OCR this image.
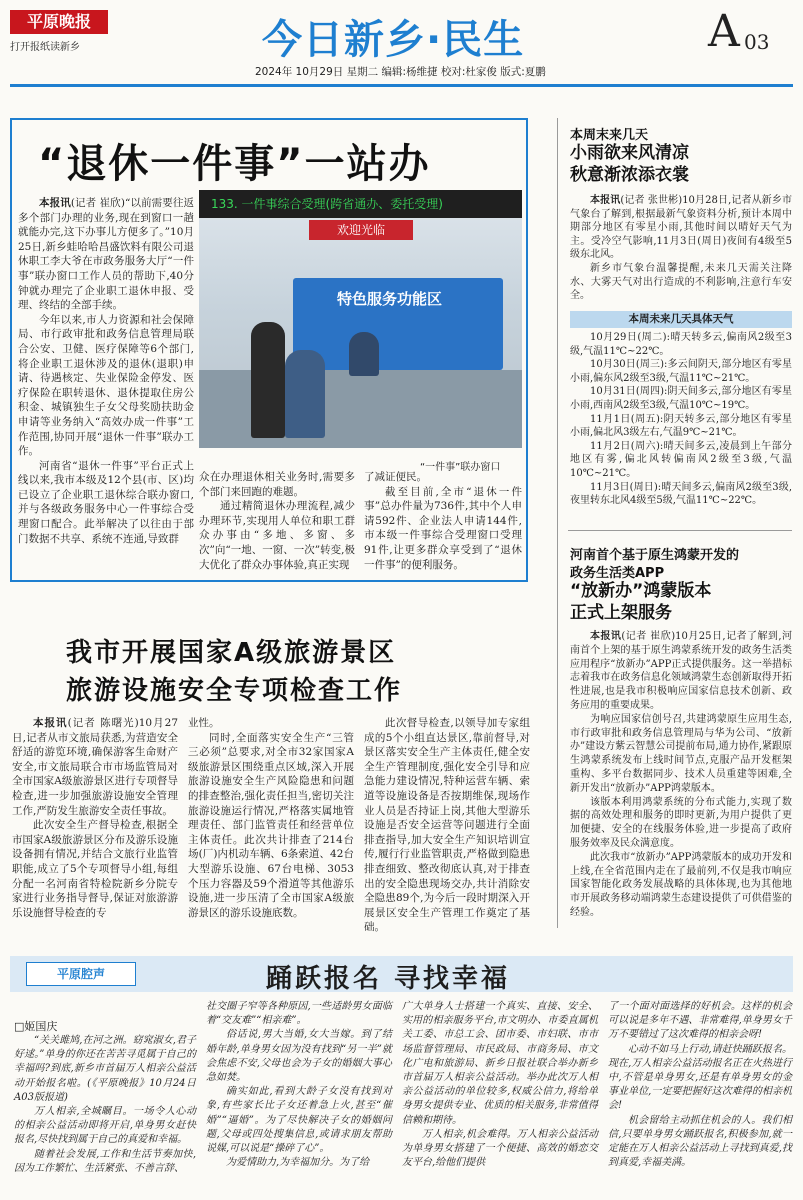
平原晚报
打开报纸读新乡	今日新乡·民生	A 03
2024年 10月29日 星期二 编辑:杨维捷 校对:杜家俊 版式:夏鹏
“退休一件事”一站办

本报讯(记者 崔欣)“以前需要往返多个部门办理的业务,现在到窗口一趟就能办完,这下办事儿方便多了。”10月25日,新乡蛙哈哈昌盛饮料有限公司退休职工李大爷在市政务服务大厅“一件事”联办窗口工作人员的帮助下,40分钟就办理完了企业职工退休申报、受理、终结的全部手续。

今年以来,市人力资源和社会保障局、市行政审批和政务信息管理局联合公安、卫健、医疗保障等6个部门,将企业职工退休涉及的退休(退职)申请、待遇核定、失业保险金停发、医疗保险在职转退休、退休提取住房公积金、城镇独生子女父母奖励扶助金申请等业务纳入“高效办成一件事”工作范围,协同开展“退休一件事”联办工作。

河南省“退休一件事”平台正式上线以来,我市本级及12个县(市、区)均已设立了企业职工退休综合联办窗口,并与各级政务服务中心一件事综合受理窗口配合。此举解决了以往由于部门数据不共享、系统不连通,导致群

133. 一件事综合受理(跨省通办、委托受理)
欢迎光临
特色服务功能区
“一件事”联办窗口

众在办理退休相关业务时,需要多个部门来回跑的难题。

通过精简退休办理流程,减少办理环节,实现用人单位和职工群众办事由“多地、多窗、多次”向“一地、一窗、一次”转变,极大优化了群众办事体验,真正实现

了减证便民。

截至目前,全市“退休一件事”总办件量为736件,其中个人申请592件、企业法人申请144件,市本级一件事综合受理窗口受理91件,让更多群众享受到了“退休一件事”的便利服务。

本周末来几天
小雨欲来风清凉
秋意渐浓添衣裳

本报讯(记者 张世彬)10月28日,记者从新乡市气象台了解到,根据最新气象资料分析,预计本周中期部分地区有零星小雨,其他时间以晴好天气为主。受冷空气影响,11月3日(周日)夜间有4级至5级东北风。

新乡市气象台温馨提醒,未来几天需关注降水、大雾天气对出行造成的不利影响,注意行车安全。

本周未来几天具体天气

10月29日(周二):晴天转多云,偏南风2级至3级,气温11℃~22℃。

10月30日(周三):多云间阴天,部分地区有零星小雨,偏东风2级至3级,气温11℃~21℃。

10月31日(周四):阴天间多云,部分地区有零星小雨,西南风2级至3级,气温10℃~19℃。

11月1日(周五):阴天转多云,部分地区有零星小雨,偏北风3级左右,气温9℃~21℃。

11月2日(周六):晴天间多云,凌晨到上午部分地区有雾,偏北风转偏南风2级至3级,气温10℃~21℃。

11月3日(周日):晴天间多云,偏南风2级至3级,夜里转东北风4级至5级,气温11℃~22℃。

河南首个基于原生鸿蒙开发的
政务生活类APP
“放新办”鸿蒙版本
正式上架服务

本报讯(记者 崔欣)10月25日,记者了解到,河南首个上架的基于原生鸿蒙系统开发的政务生活类应用程序“放新办”APP正式提供服务。这一举措标志着我市在政务信息化领域鸿蒙生态创新取得开拓性进展,也是我市积极响应国家信息技术创新、政务应用的重要成果。

为响应国家信创号召,共建鸿蒙原生应用生态,市行政审批和政务信息管理局与华为公司、“放新办”建设方紫云智慧公司提前布局,通力协作,紧跟原生鸿蒙系统发布上线时间节点,克服产品开发框架重构、多平台数据同步、技术人员重建等困难,全新开发出“放新办”APP鸿蒙版本。

该版本利用鸿蒙系统的分布式能力,实现了数据的高效处理和服务的即时更新,为用户提供了更加便捷、安全的在线服务体验,进一步提高了政府服务效率及民众满意度。

此次我市“放新办”APP鸿蒙版本的成功开发和上线,在全省范围内走在了最前列,不仅是我市响应国家智能化政务发展战略的具体体现,也为其他地市开展政务移动端鸿蒙生态建设提供了可供借鉴的经验。

我市开展国家A级旅游景区
旅游设施安全专项检查工作

本报讯(记者 陈曙光)10月27日,记者从市文旅局获悉,为营造安全舒适的游览环境,确保游客生命财产安全,市文旅局联合市市场监管局对全市国家A级旅游景区进行专项督导检查,进一步加强旅游设施安全管理工作,严防发生旅游安全责任事故。

此次安全生产督导检查,根据全市国家A级旅游景区分布及游乐设施设备拥有情况,并结合文旅行业监管职能,成立了5个专项督导小组,每组分配一名河南省特检院新乡分院专家进行业务指导督导,保证对旅游游乐设施督导检查的专

业性。

同时,全面落实安全生产“三管三必须”总要求,对全市32家国家A级旅游景区围绕重点区域,深入开展旅游设施安全生产风险隐患和问题的排查整治,强化责任担当,密切关注旅游设施运行情况,严格落实属地管理责任、部门监管责任和经营单位主体责任。此次共计排查了214台场(厂)内机动车辆、6条索道、42台大型游乐设施、67台电梯、3053个压力容器及59个滑道等其他游乐设施,进一步压清了全市国家A级旅游景区的游乐设施底数。

此次督导检查,以领导加专家组成的5个小组直达景区,靠前督导,对景区落实安全生产主体责任,健全安全生产管理制度,强化安全引导和应急能力建设情况,特种运营车辆、索道等设施设备是否按期维保,现场作业人员是否持证上岗,其他大型游乐设施是否安全运营等问题进行全面排查指导,加大安全生产知识培训宣传,履行行业监管职责,严格做到隐患排查细致、整改彻底认真,对于排查出的安全隐患现场交办,共计消除安全隐患89个,为今后一段时期深入开展景区安全生产管理工作奠定了基础。

平原腔声	踊跃报名 寻找幸福
□姬国庆

“关关雎鸠,在河之洲。窈窕淑女,君子好逑。”单身的你还在苦苦寻觅属于自己的幸福吗?到底,新乡市首届万人相亲公益活动开始报名啦。(《平原晚报》10月24日A03版报道)

万人相亲,全城瞩目。一场令人心动的相亲公益活动即将开启,单身男女赶快报名,尽快找到属于自己的真爱和幸福。

随着社会发展,工作和生活节奏加快,因为工作繁忙、生活紧张、不善言辞、

社交圈子窄等各种原因,一些适龄男女面临着“交友难”“相亲难”。

俗话说,男大当婚,女大当嫁。到了结婚年龄,单身男女因为没有找到“另一半”就会焦虑不安,父母也会为子女的婚姻大事心急如焚。

确实如此,看到大龄子女没有找到对象,有些家长比子女还着急上火,甚至“催婚”“逼婚”。为了尽快解决子女的婚姻问题,父母或四处搜集信息,或请求朋友帮助说媒,可以说是“操碎了心”。

为爱情助力,为幸福加分。为了给

广大单身人士搭建一个真实、直接、安全、实用的相亲服务平台,市文明办、市委直属机关工委、市总工会、团市委、市妇联、市市场监督管理局、市民政局、市商务局、市文化广电和旅游局、新乡日报社联合举办新乡市首届万人相亲公益活动。举办此次万人相亲公益活动的单位较多,权威公信力,将给单身男女提供专业、优质的相关服务,非常值得信赖和期待。

万人相亲,机会难得。万人相亲公益活动为单身男女搭建了一个便捷、高效的婚恋交友平台,给他们提供

了一个面对面选择的好机会。这样的机会可以说是多年不遇、非常难得,单身男女千万不要错过了这次难得的相亲会呀!

心动不如马上行动,请赶快踊跃报名。现在,万人相亲公益活动报名正在火热进行中,不管是单身男女,还是有单身男女的金事业单位,一定要把握好这次难得的相亲机会!

机会留给主动抓住机会的人。我们相信,只要单身男女踊跃报名,积极参加,就一定能在万人相亲公益活动上寻找到真爱,找到真爱,幸福美满。
